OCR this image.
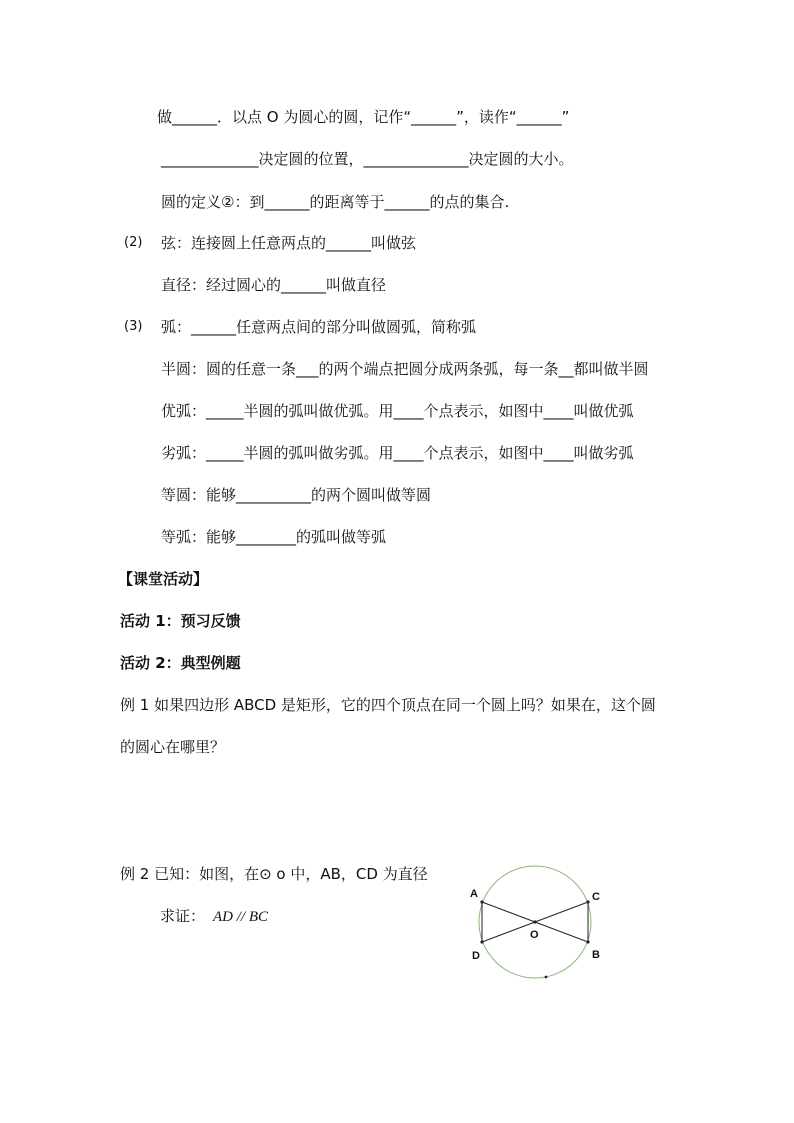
做______．以点 O 为圆心的圆，记作“______”，读作“______”
_____________决定圆的位置，______________决定圆的大小。
圆的定义②：到______的距离等于______的点的集合.
(2) 弦：连接圆上任意两点的______叫做弦
直径：经过圆心的______叫做直径
(3) 弧：______任意两点间的部分叫做圆弧，简称弧
半圆：圆的任意一条___的两个端点把圆分成两条弧，每一条__都叫做半圆
优弧：_____半圆的弧叫做优弧。用____个点表示，如图中____叫做优弧
劣弧：_____半圆的弧叫做劣弧。用____个点表示，如图中____叫做劣弧
等圆：能够__________的两个圆叫做等圆
等弧：能够________的弧叫做等弧
【课堂活动】
活动 1：预习反馈
活动 2：典型例题
例 1 如果四边形 ABCD 是矩形，它的四个顶点在同一个圆上吗？如果在，这个圆
的圆心在哪里？
例 2 已知：如图，在⊙ o 中，AB，CD 为直径
求证： AD // BC
A
B
C
D
O
